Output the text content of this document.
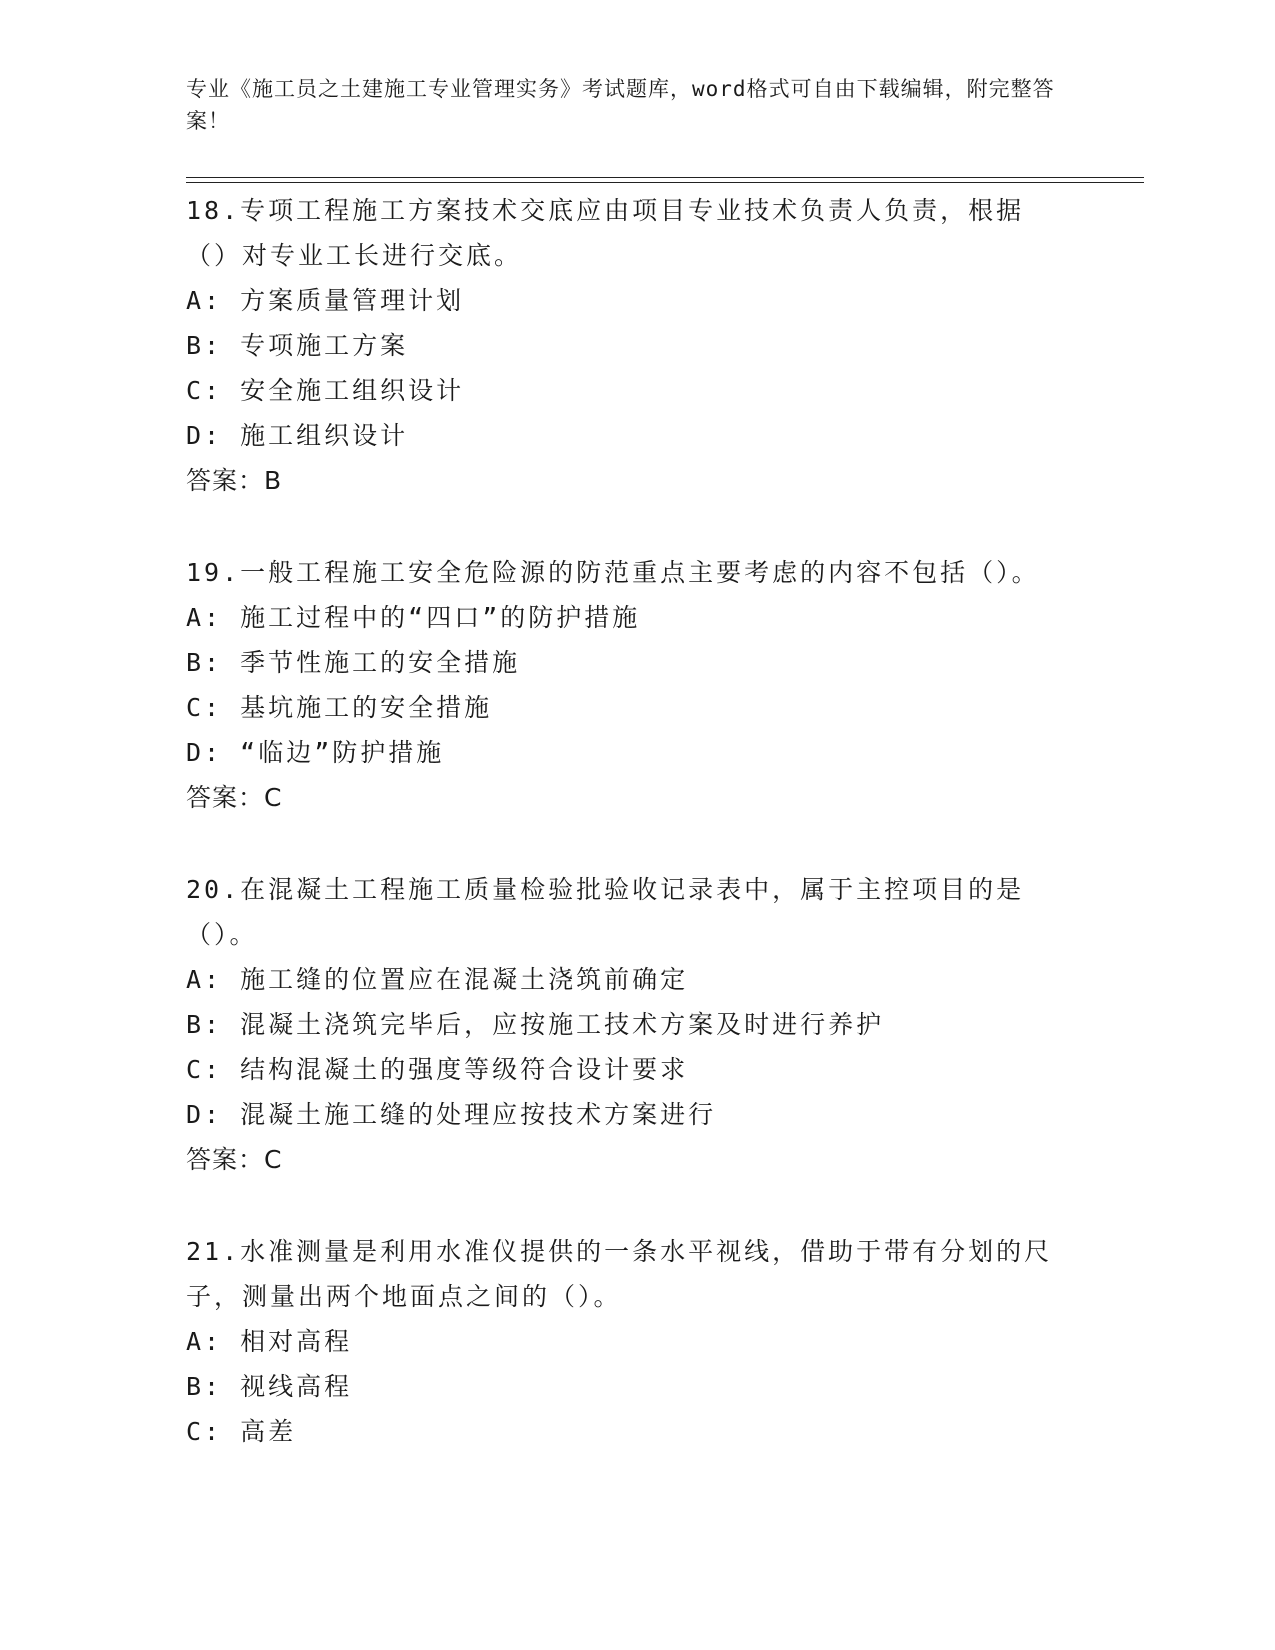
专业《施工员之土建施工专业管理实务》考试题库，word格式可自由下载编辑，附完整答案！

18.专项工程施工方案技术交底应由项目专业技术负责人负责，根据（）对专业工长进行交底。

A: 方案质量管理计划

B: 专项施工方案

C: 安全施工组织设计

D: 施工组织设计

答案：B

19.一般工程施工安全危险源的防范重点主要考虑的内容不包括（）。

A: 施工过程中的“四口”的防护措施

B: 季节性施工的安全措施

C: 基坑施工的安全措施

D: “临边”防护措施

答案：C

20.在混凝土工程施工质量检验批验收记录表中，属于主控项目的是（）。

A: 施工缝的位置应在混凝土浇筑前确定

B: 混凝土浇筑完毕后，应按施工技术方案及时进行养护

C: 结构混凝土的强度等级符合设计要求

D: 混凝土施工缝的处理应按技术方案进行

答案：C

21.水准测量是利用水准仪提供的一条水平视线，借助于带有分划的尺子，测量出两个地面点之间的（）。

A: 相对高程

B: 视线高程

C: 高差
